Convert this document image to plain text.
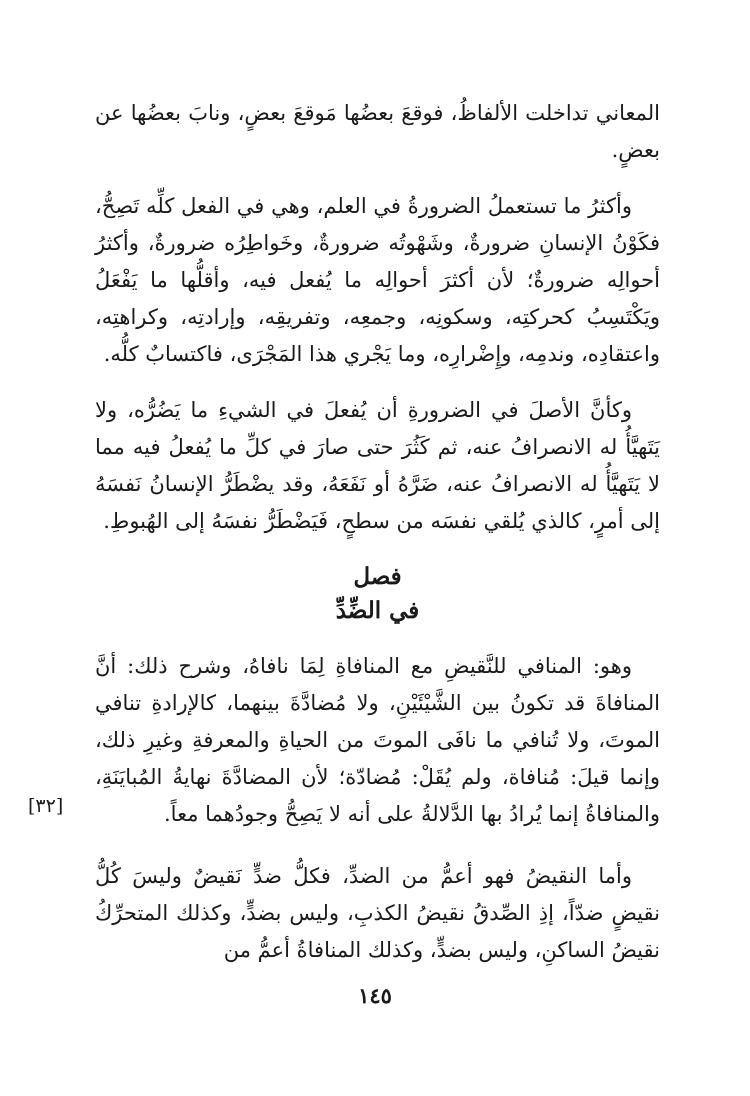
المعاني تداخلت الألفاظُ، فوقعَ بعضُها مَوقعَ بعضٍ، ونابَ بعضُها عن بعضٍ.

وأكثرُ ما تستعملُ الضرورةُ في العلم، وهي في الفعل كلِّه تَصِحُّ، فكَوْنُ الإنسانِ ضرورةٌ، وشَهْوتُه ضرورةٌ، وخَواطِرُه ضرورةٌ، وأكثرُ أحوالِه ضرورةٌ؛ لأن أكثرَ أحوالِه ما يُفعل فيه، وأقلُّها ما يَفْعَلُ ويَكْتَسِبُ كحركتِه، وسكونِه، وجمعِه، وتفريقِه، وإرادتِه، وكراهتِه، واعتقادِه، وندمِه، وإِضْرارِه، وما يَجْري هذا المَجْرَى، فاكتسابٌ كلُّه.

وكأنَّ الأصلَ في الضرورةِ أن يُفعلَ في الشيءِ ما يَضُرُّه، ولا يَتَهيَّأُ له الانصرافُ عنه، ثم كَثُرَ حتى صارَ في كلِّ ما يُفعلُ فيه مما لا يَتَهيَّأُ له الانصرافُ عنه، ضَرَّهُ أو نَفَعَهُ، وقد يضْطَرُّ الإنسانُ نَفسَهُ إلى أمرٍ، كالذي يُلقي نفسَه من سطحٍ، فَيَضْطَرُّ نفسَهُ إلى الهُبوطِ.

فصل
في الضِّدِّ

وهو: المنافي للنَّقيضِ مع المنافاةِ لِمَا نافاهُ، وشرح ذلك: أنَّ المنافاةَ قد تكونُ بين الشَّيْئَيْنِ، ولا مُضادَّةَ بينهما، كالإرادةِ تنافي الموتَ، ولا تُنافي ما نافَى الموتَ من الحياةِ والمعرفةِ وغيرِ ذلك، وإنما قيلَ: مُنافاة، ولم يُقَلْ: مُضادّة؛ لأن المضادَّةَ نهايةُ المُبايَنَةِ، والمنافاةُ إنما يُرادُ بها الدَّلالةُ على أنه لا يَصِحُّ وجودُهما معاً.

[٣٢]

وأما النقيضُ فهو أعمُّ من الضدِّ، فكلُّ ضدٍّ نَقيضٌ وليسَ كُلُّ نقيضٍ ضدّاً، إذِ الصِّدقُ نقيضُ الكذبِ، وليس بضدٍّ، وكذلك المتحرِّكُ نقيضُ الساكنِ، وليس بضدٍّ، وكذلك المنافاةُ أعمُّ من

١٤٥
